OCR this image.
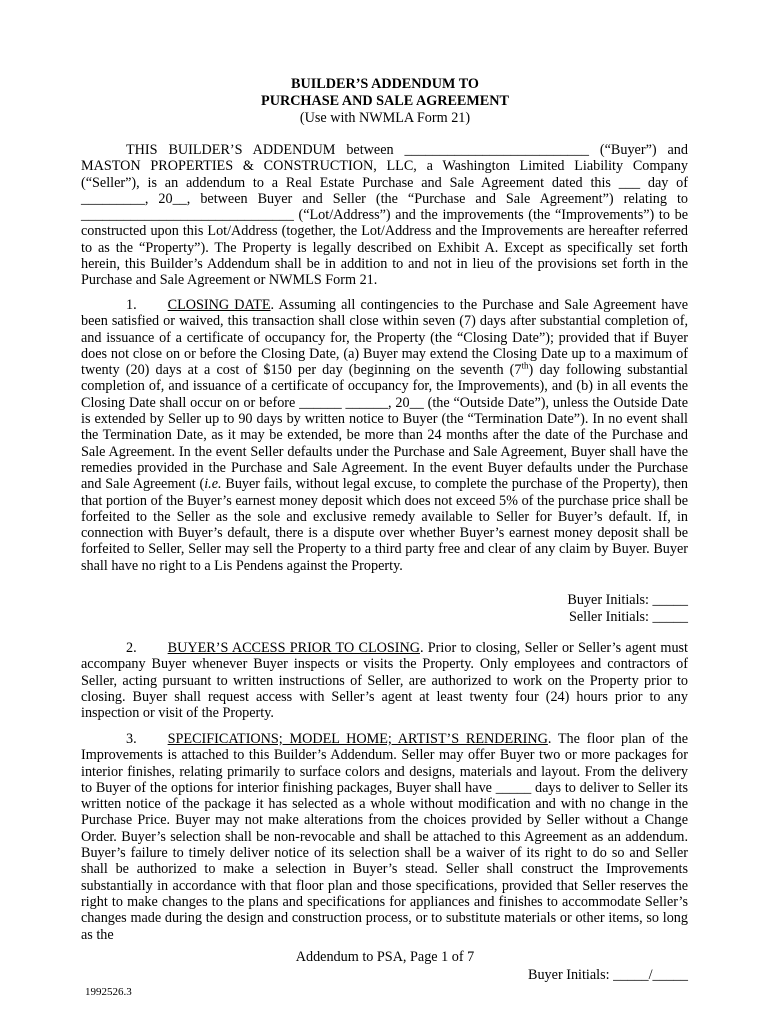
BUILDER’S ADDENDUM TO
PURCHASE AND SALE AGREEMENT
(Use with NWMLA Form 21)

THIS BUILDER’S ADDENDUM between __________________________ (“Buyer”) and MASTON PROPERTIES & CONSTRUCTION, LLC, a Washington Limited Liability Company (“Seller”), is an addendum to a Real Estate Purchase and Sale Agreement dated this ___ day of _________, 20__, between Buyer and Seller (the “Purchase and Sale Agreement”) relating to ______________________________ (“Lot/Address”) and the improvements (the “Improvements”) to be constructed upon this Lot/Address (together, the Lot/Address and the Improvements are hereafter referred to as the “Property”). The Property is legally described on Exhibit A. Except as specifically set forth herein, this Builder’s Addendum shall be in addition to and not in lieu of the provisions set forth in the Purchase and Sale Agreement or NWMLS Form 21.

1. CLOSING DATE. Assuming all contingencies to the Purchase and Sale Agreement have been satisfied or waived, this transaction shall close within seven (7) days after substantial completion of, and issuance of a certificate of occupancy for, the Property (the “Closing Date”); provided that if Buyer does not close on or before the Closing Date, (a) Buyer may extend the Closing Date up to a maximum of twenty (20) days at a cost of $150 per day (beginning on the seventh (7th) day following substantial completion of, and issuance of a certificate of occupancy for, the Improvements), and (b) in all events the Closing Date shall occur on or before ______ ______, 20__ (the “Outside Date”), unless the Outside Date is extended by Seller up to 90 days by written notice to Buyer (the “Termination Date”). In no event shall the Termination Date, as it may be extended, be more than 24 months after the date of the Purchase and Sale Agreement. In the event Seller defaults under the Purchase and Sale Agreement, Buyer shall have the remedies provided in the Purchase and Sale Agreement. In the event Buyer defaults under the Purchase and Sale Agreement (i.e. Buyer fails, without legal excuse, to complete the purchase of the Property), then that portion of the Buyer’s earnest money deposit which does not exceed 5% of the purchase price shall be forfeited to the Seller as the sole and exclusive remedy available to Seller for Buyer’s default. If, in connection with Buyer’s default, there is a dispute over whether Buyer’s earnest money deposit shall be forfeited to Seller, Seller may sell the Property to a third party free and clear of any claim by Buyer. Buyer shall have no right to a Lis Pendens against the Property.

Buyer Initials: _____
Seller Initials: _____

2. BUYER’S ACCESS PRIOR TO CLOSING. Prior to closing, Seller or Seller’s agent must accompany Buyer whenever Buyer inspects or visits the Property. Only employees and contractors of Seller, acting pursuant to written instructions of Seller, are authorized to work on the Property prior to closing. Buyer shall request access with Seller’s agent at least twenty four (24) hours prior to any inspection or visit of the Property.

3. SPECIFICATIONS; MODEL HOME; ARTIST’S RENDERING. The floor plan of the Improvements is attached to this Builder’s Addendum. Seller may offer Buyer two or more packages for interior finishes, relating primarily to surface colors and designs, materials and layout. From the delivery to Buyer of the options for interior finishing packages, Buyer shall have _____ days to deliver to Seller its written notice of the package it has selected as a whole without modification and with no change in the Purchase Price. Buyer may not make alterations from the choices provided by Seller without a Change Order. Buyer’s selection shall be non-revocable and shall be attached to this Agreement as an addendum. Buyer’s failure to timely deliver notice of its selection shall be a waiver of its right to do so and Seller shall be authorized to make a selection in Buyer’s stead. Seller shall construct the Improvements substantially in accordance with that floor plan and those specifications, provided that Seller reserves the right to make changes to the plans and specifications for appliances and finishes to accommodate Seller’s changes made during the design and construction process, or to substitute materials or other items, so long as the

Addendum to PSA, Page 1 of 7
Buyer Initials: _____/_____
1992526.3
